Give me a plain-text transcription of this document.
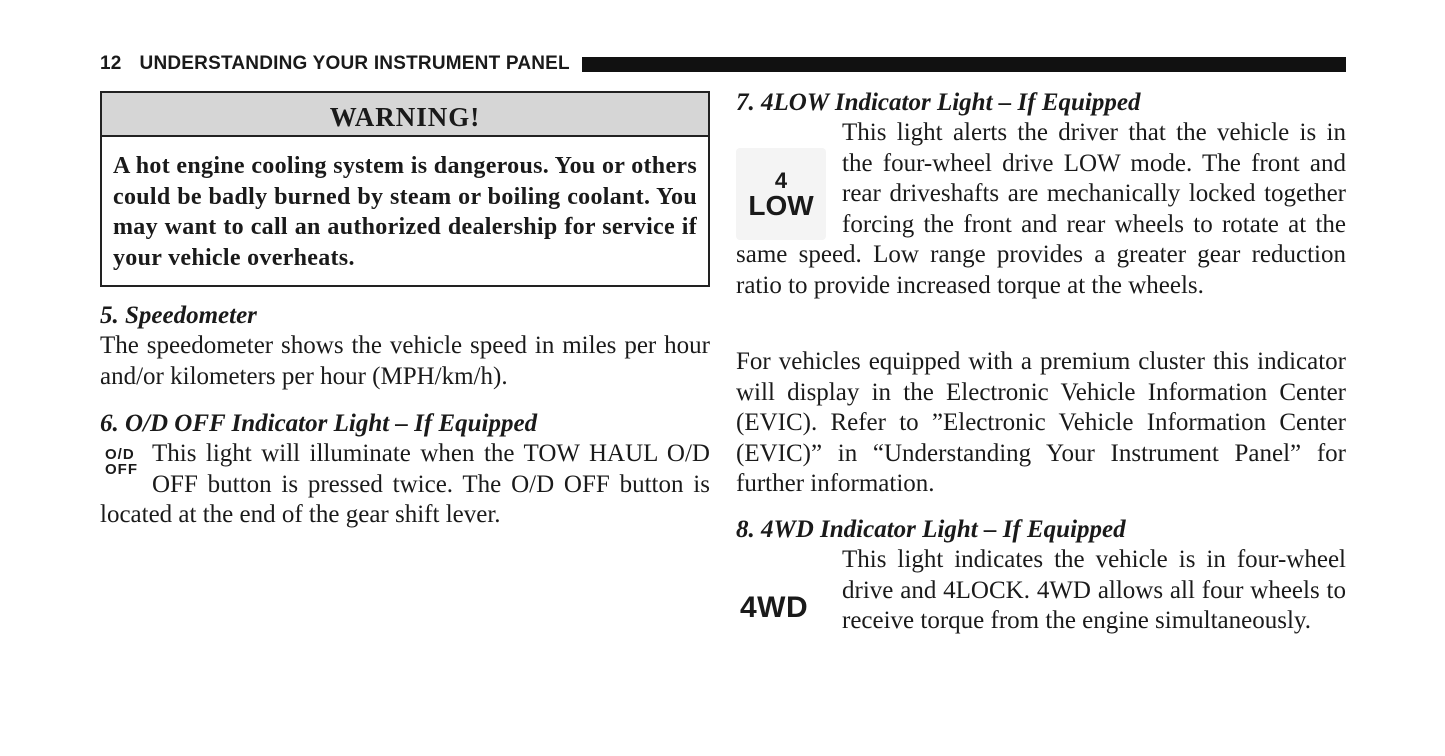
12 UNDERSTANDING YOUR INSTRUMENT PANEL
WARNING!
A hot engine cooling system is dangerous. You or others could be badly burned by steam or boiling coolant. You may want to call an authorized dealership for service if your vehicle overheats.
5. Speedometer
The speedometer shows the vehicle speed in miles per hour and/or kilometers per hour (MPH/km/h).
6. O/D OFF Indicator Light – If Equipped
O/D
OFF
This light will illuminate when the TOW HAUL O/D OFF button is pressed twice. The O/D OFF button is located at the end of the gear shift lever.
7. 4LOW Indicator Light – If Equipped
4
LOW
This light alerts the driver that the vehicle is in the four-wheel drive LOW mode. The front and rear driveshafts are mechanically locked together forcing the front and rear wheels to rotate at the same speed. Low range provides a greater gear reduction ratio to provide increased torque at the wheels.
For vehicles equipped with a premium cluster this indicator will display in the Electronic Vehicle Information Center (EVIC). Refer to ”Electronic Vehicle Information Center (EVIC)” in “Understanding Your Instrument Panel” for further information.
8. 4WD Indicator Light – If Equipped
4WD
This light indicates the vehicle is in four-wheel drive and 4LOCK. 4WD allows all four wheels to receive torque from the engine simultaneously.
